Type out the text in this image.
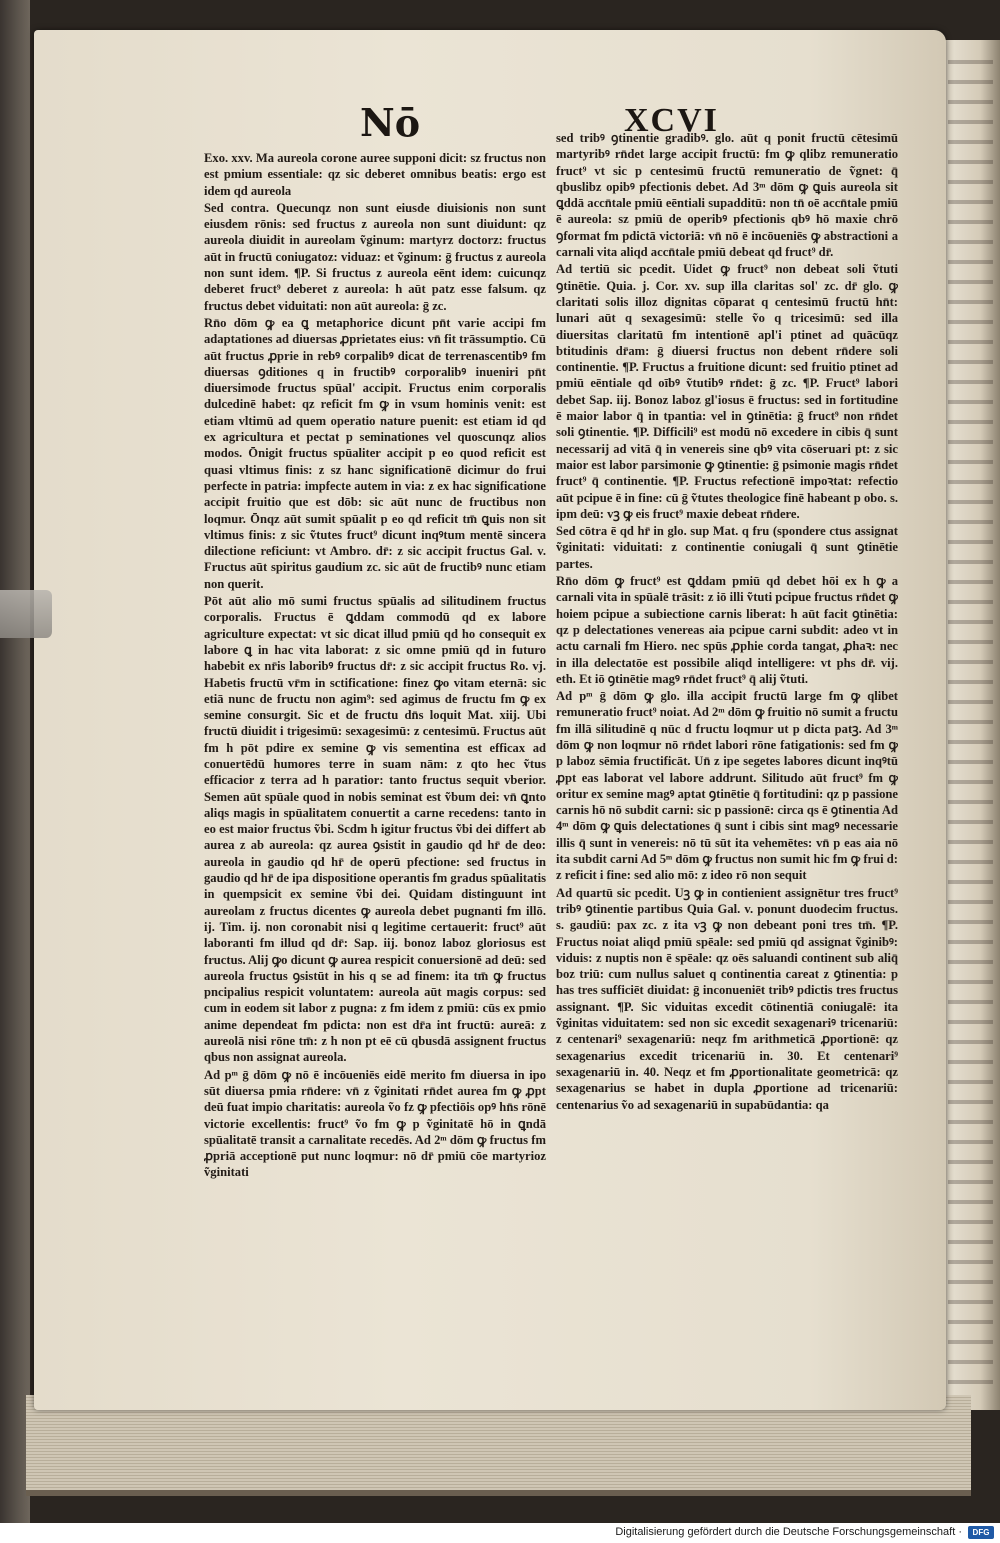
Nō	XCVI

Exo. xxv. Ma aureola corone auree supponi dicit: sz fructus non est pmium essentiale: qz sic deberet omnibus beatis: ergo est idem qd aureola

Sed contra. Quecunqz non sunt eiusde diuisionis non sunt eiusdem rōnis: sed fructus z aureola non sunt diuidunt: qz aureola diuidit in aureolam ṽginum: martyrz doctorz: fructus aūt in fructū coniugatoz: viduaz: et ṽginum: ḡ fructus z aureola non sunt idem. ¶P. Si fructus z aureola eēnt idem: cuicunqz deberet fruct⁹ deberet z aureola: h aūt patz esse falsum. qz fructus debet viduitati: non aūt aureola: ḡ zc.

Rn̄o dōm ꝙ ea ꝗ metaphorice dicunt pn̄t varie accipi fm adaptationes ad diuersas ꝓprietates eius: vn̄ fit trāssumptio. Cū aūt fructus ꝓprie in rebꝰ corpalibꝰ dicat de terrenascentibꝰ fm diuersas ꝯditiones q in fructibꝰ corporalibꝰ inueniri pn̄t diuersimode fructus spūal' accipit. Fructus enim corporalis dulcedinē habet: qz reficit fm ꝙ in vsum hominis venit: est etiam vltimū ad quem operatio nature puenit: est etiam id qd ex agricultura et pectat p seminationes vel quoscunqz alios modos. Ōnigit fructus spūaliter accipit p eo quod reficit est quasi vltimus finis: z sz hanc significationē dicimur do frui perfecte in patria: impfecte autem in via: z ex hac significatione accipit fruitio que est dōb: sic aūt nunc de fructibus non loqmur. Ōnqz aūt sumit spūalit p eo qd reficit tm̄ ꝗuis non sit vltimus finis: z sic ṽtutes fruct⁹ dicunt inqꝰtum mentē sincera dilectione reficiunt: vt Ambro. dr̄: z sic accipit fructus Gal. v. Fructus aūt spiritus gaudium zc. sic aūt de fructibꝰ nunc etiam non querit.

Pōt aūt alio mō sumi fructus spūalis ad silitudinem fructus corporalis. Fructus ē ꝗddam commodū qd ex labore agriculture expectat: vt sic dicat illud pmiū qd ho consequit ex labore ꝗ in hac vita laborat: z sic omne pmiū qd in futuro habebit ex nr̄is laboribꝰ fructus dr̄: z sic accipit fructus Ro. vj. Habetis fructū vr̄m in sctificatione: finez ꝙo vitam eternā: sic etiā nunc de fructu non agim⁹: sed agimus de fructu fm ꝙ ex semine consurgit. Sic et de fructu dn̄s loquit Mat. xiij. Ubi fructū diuidit i trigesimū: sexagesimū: z centesimū. Fructus aūt fm h pōt pdire ex semine ꝙ vis sementina est efficax ad conuertēdū humores terre in suam nām: z qto hec ṽtus efficacior z terra ad h paratior: tanto fructus sequit vberior. Semen aūt spūale quod in nobis seminat est ṽbum dei: vn̄ ꝗnto aliqs magis in spūalitatem conuertit a carne recedens: tanto in eo est maior fructus ṽbi. Scdm h igitur fructus ṽbi dei differt ab aurea z ab aureola: qz aurea ꝯsistit in gaudio qd hr̄ de deo: aureola in gaudio qd hr̄ de operū pfectione: sed fructus in gaudio qd hr̄ de ipa dispositione operantis fm gradus spūalitatis in quempsicit ex semine ṽbi dei. Quidam distinguunt int aureolam z fructus dicentes ꝙ aureola debet pugnanti fm illō. ij. Tim. ij. non coronabit nisi q legitime certauerit: fruct⁹ aūt laboranti fm illud qd dr̄: Sap. iij. bonoz laboz gloriosus est fructus. Alij ꝙo dicunt ꝙ aurea respicit conuersionē ad deū: sed aureola fructus ꝯsistūt in his q se ad finem: ita tm̄ ꝙ fructus pncipalius respicit voluntatem: aureola aūt magis corpus: sed cum in eodem sit labor z pugna: z fm idem z pmiū: cūs ex pmio anime dependeat fm pdicta: non est dr̄a int fructū: aureā: z aureolā nisi rōne tm̄: z h non pt eē cū qbusdā assignent fructus qbus non assignat aureola.

Ad pᵐ ḡ dōm ꝙ nō ē incōueniēs eidē merito fm diuersa in ipo sūt diuersa pmia rn̄dere: vn̄ z ṽginitati rn̄det aurea fm ꝙ ꝓpt deū fuat impio charitatis: aureola ṽo fz ꝙ pfectiōis opꝰ hn̄s rōnē victorie excellentis: fruct⁹ ṽo fm ꝙ p ṽginitatē hō in ꝗndā spūalitatē transit a carnalitate recedēs. Ad 2ᵐ dōm ꝙ fructus fm ꝓpriā acceptionē put nunc loqmur: nō dr̄ pmiū cōe martyrioz ṽginitati

sed tribꝰ ꝯtinentie gradibꝰ. glo. aūt q ponit fructū cētesimū martyribꝰ rn̄det large accipit fructū: fm ꝙ qlibz remuneratio fruct⁹ vt sic p centesimū fructū remuneratio de ṽgnet: q̄ qbuslibz opibꝰ pfectionis debet. Ad 3ᵐ dōm ꝙ ꝗuis aureola sit ꝗddā accn̄tale pmiū eēntiali supadditū: non tn̄ oē accn̄tale pmiū ē aureola: sz pmiū de operibꝰ pfectionis qbꝰ hō maxie chrō ꝯformat fm pdictā victoriā: vn̄ nō ē incōueniēs ꝙ abstractioni a carnali vita aliqd accn̄tale pmiū debeat qd fruct⁹ dr̄.

Ad tertiū sic pcedit. Uidet ꝙ fruct⁹ non debeat soli ṽtuti ꝯtinētie. Quia. j. Cor. xv. sup illa claritas sol' zc. dr̄ glo. ꝙ claritati solis illoz dignitas cōparat q centesimū fructū hn̄t: lunari aūt q sexagesimū: stelle ṽo q tricesimū: sed illa diuersitas claritatū fm intentionē apl'i ptinet ad quācūqz btitudinis dr̄am: ḡ diuersi fructus non debent rn̄dere soli continentie. ¶P. Fructus a fruitione dicunt: sed fruitio ptinet ad pmiū eēntiale qd oībꝰ ṽtutibꝰ rn̄det: ḡ zc. ¶P. Fruct⁹ labori debet Sap. iij. Bonoz laboz gl'iosus ē fructus: sed in fortitudine ē maior labor q̄ in tpantia: vel in ꝯtinētia: ḡ fruct⁹ non rn̄det soli ꝯtinentie. ¶P. Difficili⁹ est modū nō excedere in cibis q̄ sunt necessarij ad vitā q̄ in venereis sine qbꝰ vita cōseruari pt: z sic maior est labor parsimonie ꝙ ꝯtinentie: ḡ psimonie magis rn̄det fruct⁹ q̄ continentie. ¶P. Fructus refectionē impoꝛtat: refectio aūt pcipue ē in fine: cū ḡ ṽtutes theologice finē habeant p obo. s. ipm deū: vꝫ ꝙ eis fruct⁹ maxie debeat rn̄dere.

Sed cōtra ē qd hr̄ in glo. sup Mat. q fru (spondere ctus assignat ṽginitati: viduitati: z continentie coniugali q̄ sunt ꝯtinētie partes.

Rn̄o dōm ꝙ fruct⁹ est ꝗddam pmiū qd debet hōi ex h ꝙ a carnali vita in spūalē trāsit: z iō illi ṽtuti pcipue fructus rn̄det ꝙ hoiem pcipue a subiectione carnis liberat: h aūt facit ꝯtinētia: qz p delectationes venereas aia pcipue carni subdit: adeo vt in actu carnali fm Hiero. nec spūs ꝓphie corda tangat, ꝓhaꝛ: nec in illa delectatōe est possibile aliqd intelligere: vt phs dr̄. vij. eth. Et iō ꝯtinētie magꝰ rn̄det fruct⁹ q̄ alij ṽtuti.

Ad pᵐ ḡ dōm ꝙ glo. illa accipit fructū large fm ꝙ qlibet remuneratio fruct⁹ noiat. Ad 2ᵐ dōm ꝙ fruitio nō sumit a fructu fm illā silitudinē q nūc d fructu loqmur ut p dicta patꝫ. Ad 3ᵐ dōm ꝙ non loqmur nō rn̄det labori rōne fatigationis: sed fm ꝙ p laboz sēmia fructificāt. Un̄ z ipe segetes labores dicunt inqꝰtū ꝓpt eas laborat vel labore addrunt. Silitudo aūt fruct⁹ fm ꝙ oritur ex semine magꝰ aptat ꝯtinētie q̄ fortitudini: qz p passione carnis hō nō subdit carni: sic p passionē: circa qs ē ꝯtinentia Ad 4ᵐ dōm ꝙ ꝗuis delectationes q̄ sunt i cibis sint magꝰ necessarie illis q̄ sunt in venereis: nō tū sūt ita vehemētes: vn̄ p eas aia nō ita subdit carni Ad 5ᵐ dōm ꝙ fructus non sumit hic fm ꝙ frui d: z reficit i fine: sed alio mō: z ideo rō non sequit

Ad quartū sic pcedit. Uꝫ ꝙ in contienient assignētur tres fruct⁹ tribꝰ ꝯtinentie partibus Quia Gal. v. ponunt duodecim fructus. s. gaudiū: pax zc. z ita vꝫ ꝙ non debeant poni tres tm̄. ¶P. Fructus noiat aliqd pmiū spēale: sed pmiū qd assignat ṽginibꝰ: viduis: z nuptis non ē spēale: qz oēs saluandi continent sub aliq̄ boz triū: cum nullus saluet q continentia careat z ꝯtinentia: p has tres sufficiēt diuidat: ḡ inconueniēt tribꝰ pdictis tres fructus assignant. ¶P. Sic viduitas excedit cōtinentiā coniugalē: ita ṽginitas viduitatem: sed non sic excedit sexagenariꝰ tricenariū: z centenari⁹ sexagenariū: neqz fm arithmeticā ꝓportionē: qz sexagenarius excedit tricenariū in. 30. Et centenari⁹ sexagenariū in. 40. Neqz et fm ꝓportionalitate geometricā: qz sexagenarius se habet in dupla ꝓportione ad tricenariū: centenarius ṽo ad sexagenariū in supabūdantia: qa

Digitalisierung gefördert durch die Deutsche Forschungsgemeinschaft ·	DFG
